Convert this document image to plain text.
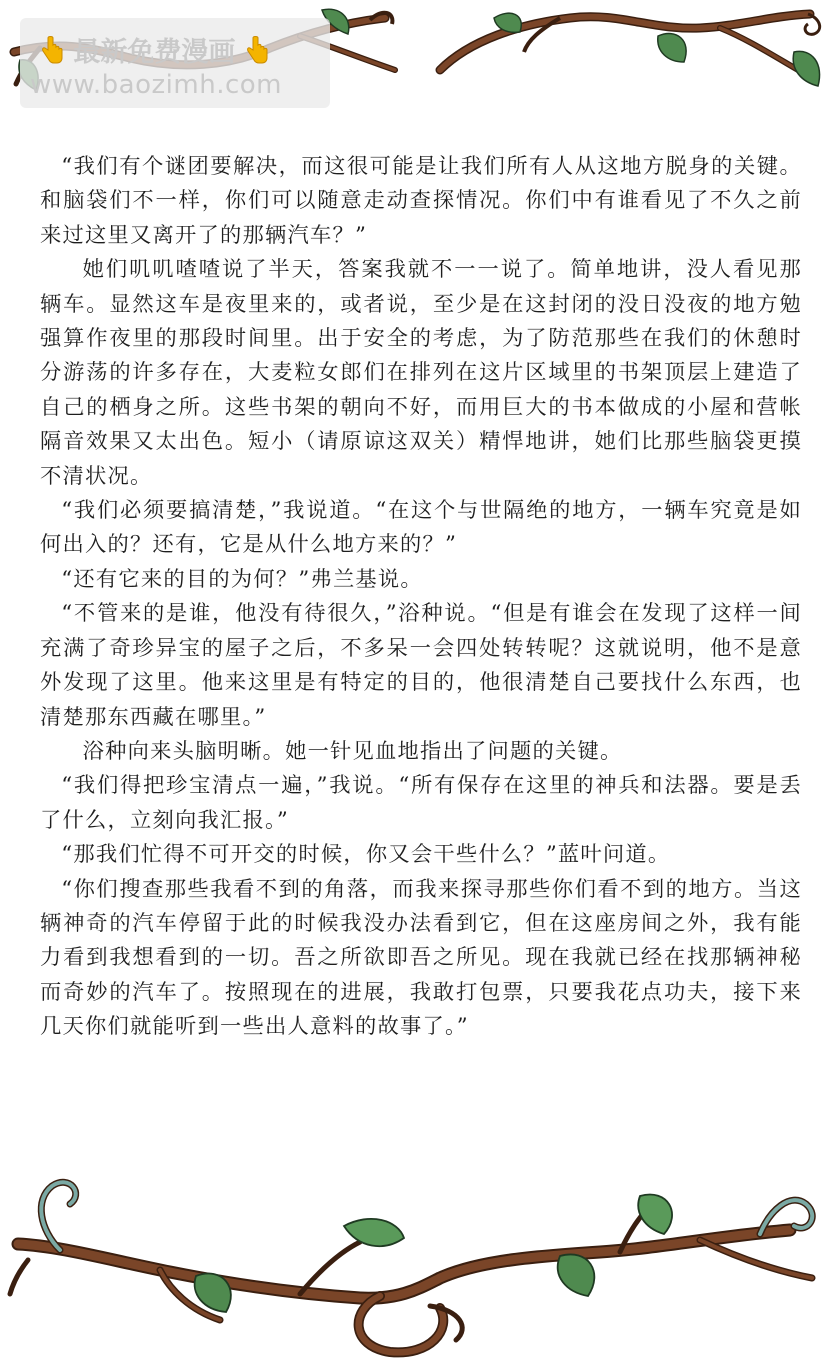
最新免费漫画
www.baozimh.com

“我们有个谜团要解决，而这很可能是让我们所有人从这地方脱身的关键。和脑袋们不一样，你们可以随意走动查探情况。你们中有谁看见了不久之前来过这里又离开了的那辆汽车？”

她们叽叽喳喳说了半天，答案我就不一一说了。简单地讲，没人看见那辆车。显然这车是夜里来的，或者说，至少是在这封闭的没日没夜的地方勉强算作夜里的那段时间里。出于安全的考虑，为了防范那些在我们的休憩时分游荡的许多存在，大麦粒女郎们在排列在这片区域里的书架顶层上建造了自己的栖身之所。这些书架的朝向不好，而用巨大的书本做成的小屋和营帐隔音效果又太出色。短小（请原谅这双关）精悍地讲，她们比那些脑袋更摸不清状况。

“我们必须要搞清楚，”我说道。“在这个与世隔绝的地方，一辆车究竟是如何出入的？还有，它是从什么地方来的？”

“还有它来的目的为何？”弗兰基说。

“不管来的是谁，他没有待很久，”浴种说。“但是有谁会在发现了这样一间充满了奇珍异宝的屋子之后，不多呆一会四处转转呢？这就说明，他不是意外发现了这里。他来这里是有特定的目的，他很清楚自己要找什么东西，也清楚那东西藏在哪里。”

浴种向来头脑明晰。她一针见血地指出了问题的关键。

“我们得把珍宝清点一遍，”我说。“所有保存在这里的神兵和法器。要是丢了什么，立刻向我汇报。”

“那我们忙得不可开交的时候，你又会干些什么？”蓝叶问道。

“你们搜查那些我看不到的角落，而我来探寻那些你们看不到的地方。当这辆神奇的汽车停留于此的时候我没办法看到它，但在这座房间之外，我有能力看到我想看到的一切。吾之所欲即吾之所见。现在我就已经在找那辆神秘而奇妙的汽车了。按照现在的进展，我敢打包票，只要我花点功夫，接下来几天你们就能听到一些出人意料的故事了。”
